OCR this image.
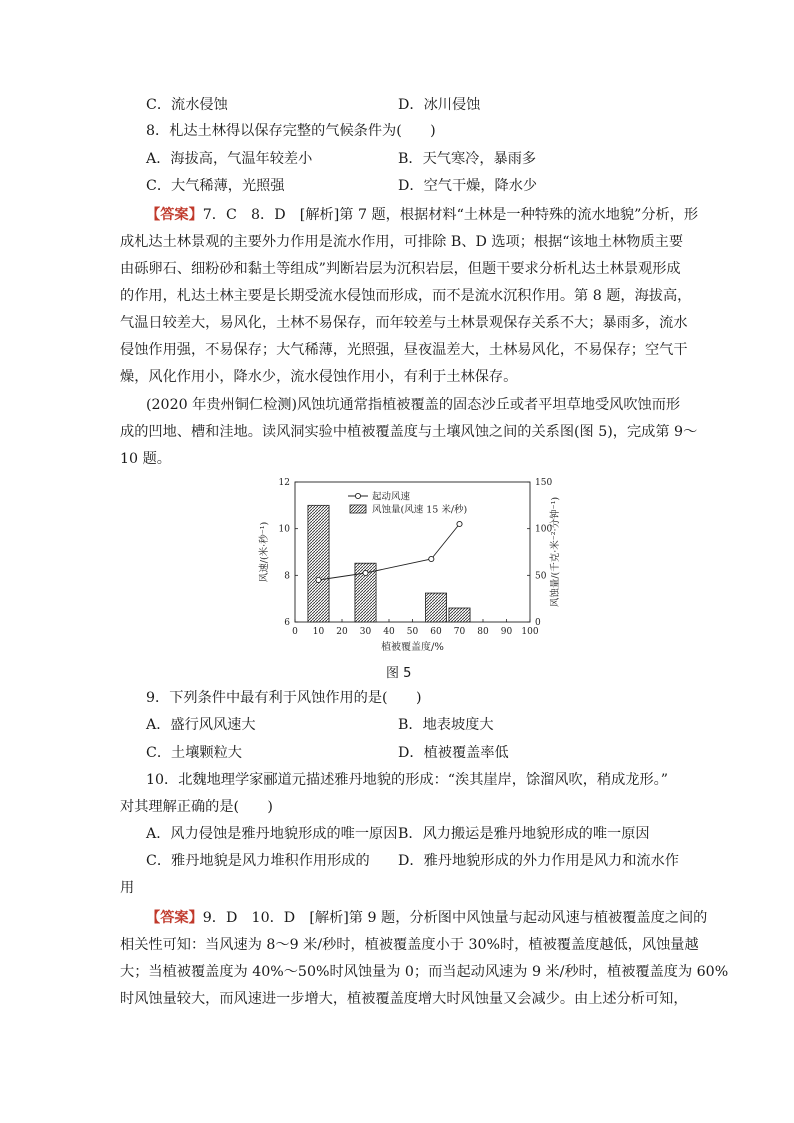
C．流水侵蚀	D．冰川侵蚀
8．札达土林得以保存完整的气候条件为(　　)
A．海拔高，气温年较差小	B．天气寒冷，暴雨多
C．大气稀薄，光照强	D．空气干燥，降水少
【答案】7．C　8．D　[解析]第 7 题，根据材料“土林是一种特殊的流水地貌”分析，形
成札达土林景观的主要外力作用是流水作用，可排除 B、D 选项；根据“该地土林物质主要
由砾卵石、细粉砂和黏土等组成”判断岩层为沉积岩层，但题干要求分析札达土林景观形成
的作用，札达土林主要是长期受流水侵蚀而形成，而不是流水沉积作用。第 8 题，海拔高，
气温日较差大，易风化，土林不易保存，而年较差与土林景观保存关系不大；暴雨多，流水
侵蚀作用强，不易保存；大气稀薄，光照强，昼夜温差大，土林易风化，不易保存；空气干
燥，风化作用小，降水少，流水侵蚀作用小，有利于土林保存。
(2020 年贵州铜仁检测)风蚀坑通常指植被覆盖的固态沙丘或者平坦草地受风吹蚀而形
成的凹地、槽和洼地。读风洞实验中植被覆盖度与土壤风蚀之间的关系图(图 5)，完成第 9～
10 题。
0 10 20 30 40 50 60 70 80 90 100
6
8
10
12
0
50
100
150
起动风速
风蚀量(风速 15 米/秒)
植被覆盖度/%
风速/(米·秒⁻¹)	风蚀量/(千克·米⁻²·分钟⁻¹)
图 5
9．下列条件中最有利于风蚀作用的是(　　)
A．盛行风风速大	B．地表坡度大
C．土壤颗粒大	D．植被覆盖率低
10．北魏地理学家郦道元描述雅丹地貌的形成：“涘其崖岸，馀溜风吹，稍成龙形。”
对其理解正确的是(　　)
A．风力侵蚀是雅丹地貌形成的唯一原因 B．风力搬运是雅丹地貌形成的唯一原因
C．雅丹地貌是风力堆积作用形成的 D．雅丹地貌形成的外力作用是风力和流水作
用
【答案】9．D　10．D　[解析]第 9 题，分析图中风蚀量与起动风速与植被覆盖度之间的
相关性可知：当风速为 8～9 米/秒时，植被覆盖度小于 30%时，植被覆盖度越低，风蚀量越
大；当植被覆盖度为 40%～50%时风蚀量为 0；而当起动风速为 9 米/秒时，植被覆盖度为 60%
时风蚀量较大，而风速进一步增大，植被覆盖度增大时风蚀量又会减少。由上述分析可知，
